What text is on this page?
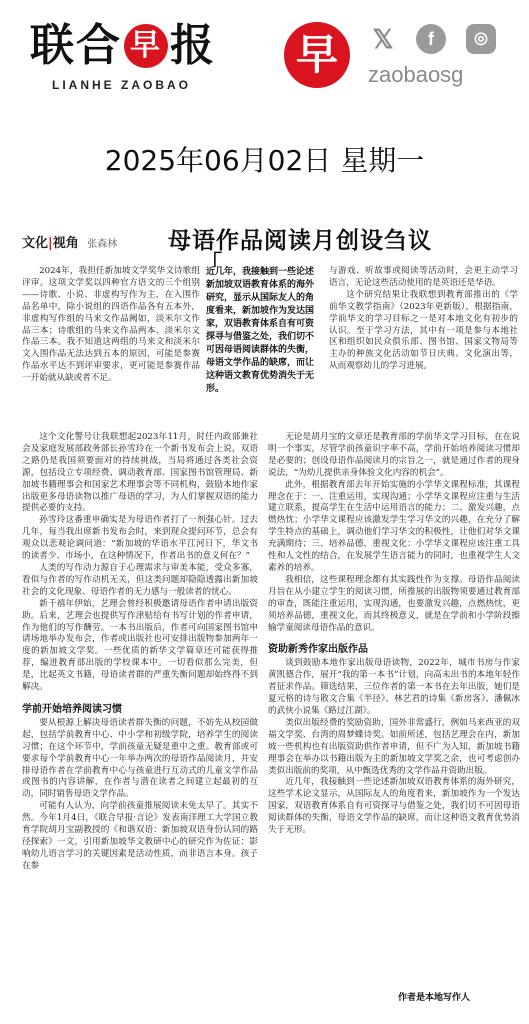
联合 早 报
LIANHE ZAOBAO
早	𝕏	f	◎
zaobaosg
2025年06月02日 星期一
文化|视角 张森林 母语作品阅读月创设刍议

2024年，我担任新加坡文学奖华文诗歌组评审。这项文学奖以四种官方语文的三个组别——诗歌、小说、非虚构写作为主，在入围作品名单中，除小说组的四语作品各有五本外，非虚构写作组的马来文作品阙如，淡米尔文作品三本；诗歌组的马来文作品两本、淡米尔文作品三本。我不知道这两组的马来文和淡米尔文入围作品无法达到五本的原因，可能是参赛作品水平达不到评审要求，更可能是参赛作品一开始就从缺或者不足。

「
近几年，我接触到一些论述新加坡双语教育体系的海外研究，显示从国际友人的角度看来，新加坡作为发达国家，双语教育体系自有可资探寻与借鉴之处，我们切不可因母语阅读群体的失衡，母语文学作品的缺席，而让这种语文教育优势消失于无形。

与游戏、听故事或阅读等活动时，会更主动学习语言，无论这些活动使用的是英语还是华语。

这个研究结果让我联想到教育部推出的《学前华文教学指南》（2023年更新版），根据指南，学前华文的学习目标之一是对本地文化有初步的认识。至于学习方法，其中有一项是参与本地社区和组织如民众俱乐部、图书馆、国家文物局等主办的种族文化活动如节日庆典、文化演出等，从而观察幼儿的学习进展。

这个文化警号让我联想起2023年11月，时任内政部兼社会及家庭发展部政务部长孙雪玲在一个新书发布会上说，双语之路仍是我国须要面对的持续挑战，当局将通过各类社会资源，包括设立专项经费、调动教育部、国家图书馆管理局、新加坡书籍理事会和国家艺术理事会等不同机构，鼓励本地作家出版更多母语读物以推广母语的学习，为人们掌握双语的能力提供必要的支持。

孙雪玲这番重申确实是为母语作者打了一剂强心针。过去几年，每当我出席新书发布会时，来到现众提问环节，总会有观众以悲观论调问道：“新加坡的华语水平江河日下，华文书的读者少、市场小，在这种情况下，作者出书的意义何在？”

人类的写作动力源自于心理需求与审美本能，受众多寡，看似与作者的写作动机无关，但这类问题却隐隐透露出新加坡社会的文化现象、母语作者的无力感与一般读者的忧心。

新千禧年伊始，艺理会曾经积极邀请母语作者申请出版资助。后来，艺理会也提供写作津贴给有书写计划的作者申请，作为他们的写作酬劳。一本书出版后，作者可向国家图书馆申请场地举办发布会，作者或出版社也可安排出版物参加两年一度的新加坡文学奖。一些优质的新华文学篇章还可能获得推荐，编进教育部出版的学校课本中。一切看似那么完美，但是，比起英文书籍，母语读者群的严重失衡问题却始终得不到解决。

学前开始培养阅读习惯

要从根源上解决母语读者群失衡的问题，不妨先从校园做起，包括学前教育中心、中小学和初级学院，培养学生的阅读习惯；在这个环节中，学前孩童无疑是重中之重。教育部或可要求每个学前教育中心一年举办两次的母语作品阅读月，并安排母语作者在学前教育中心与孩童进行互动式的儿童文学作品或图书的内容讲解，在作者与潜在读者之间建立起最初的互动，同时销售母语文学作品。

可能有人认为，向学前孩童推展阅读未免太早了。其实不然。今年1月4日，《联合早报·言论》发表南洋理工大学国立教育学院胡月宝副教授的《和谐双语：新加坡双语身份认同的路径探索》一文，引用新加坡华文教研中心的研究作为佐证：影响幼儿语言学习的关键因素是活动性质，而非语言本身。孩子在参

无论是胡月宝的文章还是教育部的学前华文学习目标，在在说明一个事实，尽管学前孩童识字率不高，学前开始培养阅读习惯却是必要的；创设母语作品阅读月的宗旨之一，就是通过作者的现身说法，“为幼儿提供亲身体验文化内容的机会”。

此外，根据教育部去年开始实施的小学华文课程标准，其课程理念在于：一、注重运用，实现沟通；小学华文课程应注重与生活建立联系，提高学生在生活中运用语言的能力；二、激发兴趣，点燃热忱；小学华文课程应该激发学生学习华文的兴趣，在充分了解学生特点的基础上，调动他们学习华文的积极性，让他们对华文课充满期待；三、培养品德，重视文化：小学华文课程应该注重工具性和人文性的结合，在发展学生语言能力的同时，也重视学生人文素养的培养。

我相信，这些课程理念都有其实践性作为支撑。母语作品阅读月旨在从小建立学生的阅读习惯，所推展的出版物须要通过教育部的审查，既能注重运用，实现沟通，也要激发兴趣，点燃热忱，更须培养品德，重视文化，而其终极意义，就是在学前和小学阶段擦输学童阅读母语作品的意识。

资助新秀作家出版作品

谈到鼓励本地作家出版母语读物，2022年，城市书房与作家黄凯德合作，展开“我的第一本书”计划，向高未出书的本地年轻作者征求作品。筛选结果，三位作者的第一本书在去年出版，她们是夏元格的诗与散文合集《半径》、林艺君的诗集《新房客》、潘佩冰的武侠小说集《路过江湖》。

类似出版经费的奖励资助，国外非常盛行，例如马来西亚的双福文学奖、台湾的周梦蝶诗奖。如前所述，包括艺理会在内，新加坡一些机构也有出版资助供作者申请，但不广为人知，新加坡书籍理事会在举办以书籍出版为主的新加坡文学奖之余，也可考虑创办类似出版前的奖项，从中甄选优秀的文学作品并资助出版。

近几年，我接触到一些论述新加坡双语教育体系的海外研究，这些学术论文显示，从国际友人的角度看来，新加坡作为一个发达国家，双语教育体系自有可资探寻与借鉴之处，我们切不可因母语阅读群体的失衡，母语文学作品的缺席，而让这种语文教育优势消失于无形。

作者是本地写作人
